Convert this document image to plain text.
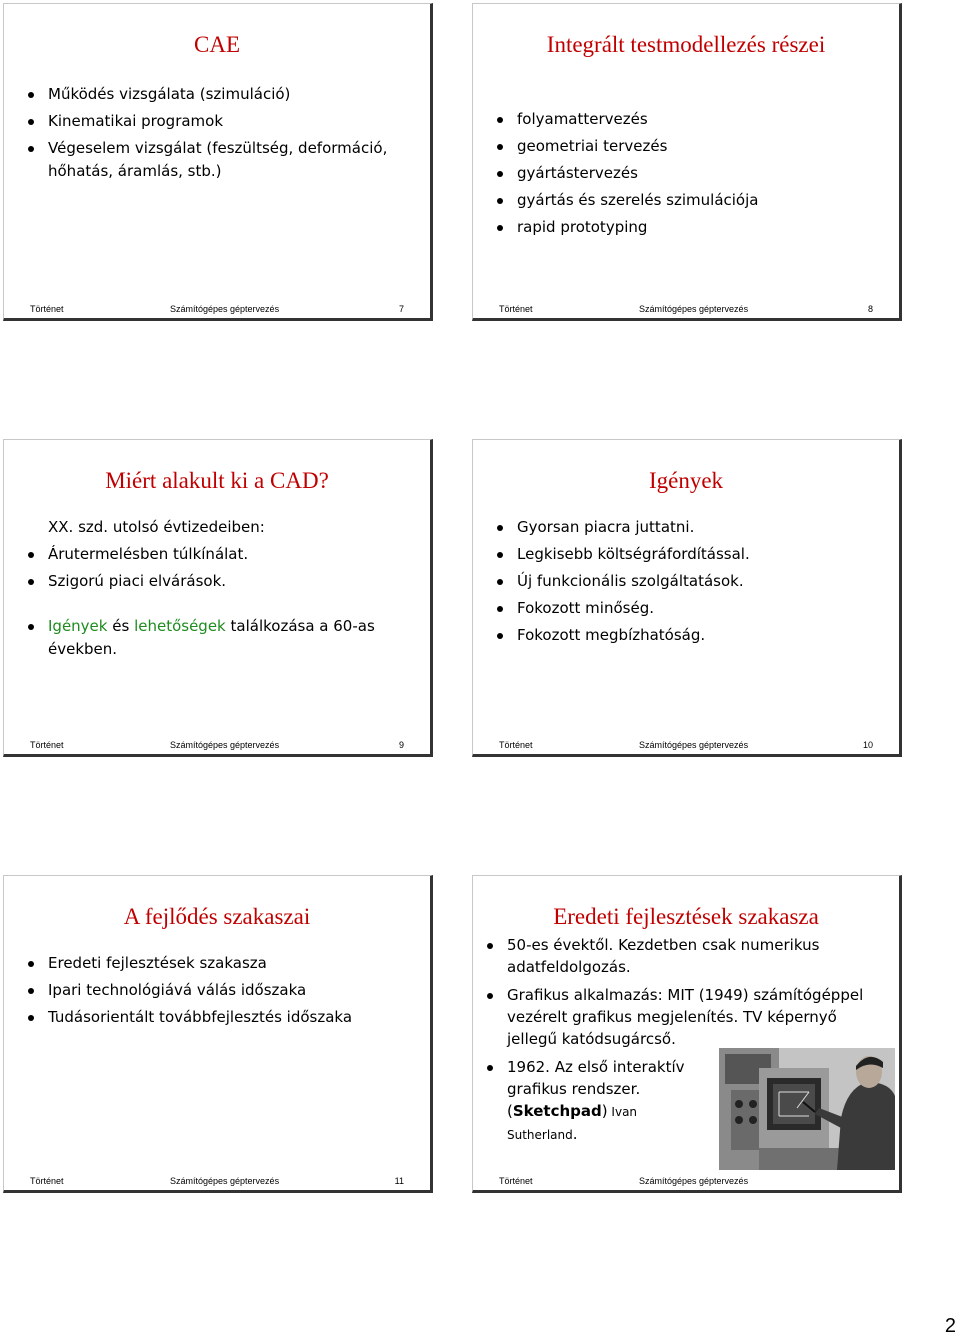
CAE
Működés vizsgálata (szimuláció)
Kinematikai programok
Végeselem vizsgálat (feszültség, deformáció, hőhatás, áramlás, stb.)
Történet	Számítógépes géptervezés	7
Integrált testmodellezés részei
folyamattervezés
geometriai tervezés
gyártástervezés
gyártás és szerelés szimulációja
rapid prototyping
Történet	Számítógépes géptervezés	8
Miért alakult ki a CAD?
XX. szd. utolsó évtizedeiben:
Árutermelésben túlkínálat.
Szigorú piaci elvárások.
Igények és lehetőségek találkozása a 60-as években.
Történet	Számítógépes géptervezés	9
Igények
Gyorsan piacra juttatni.
Legkisebb költségráfordítással.
Új funkcionális szolgáltatások.
Fokozott minőség.
Fokozott megbízhatóság.
Történet	Számítógépes géptervezés	10
A fejlődés szakaszai
Eredeti fejlesztések szakasza
Ipari technológiává válás időszaka
Tudásorientált továbbfejlesztés időszaka
Történet	Számítógépes géptervezés	11
Eredeti fejlesztések szakasza
50-es évektől. Kezdetben csak numerikus adatfeldolgozás.
Grafikus alkalmazás: MIT (1949) számítógéppel vezérelt grafikus megjelenítés. TV képernyő jellegű katódsugárcső.
1962. Az első interaktív grafikus rendszer.
(Sketchpad) Ivan Sutherland.
Történet	Számítógépes géptervezés
2
